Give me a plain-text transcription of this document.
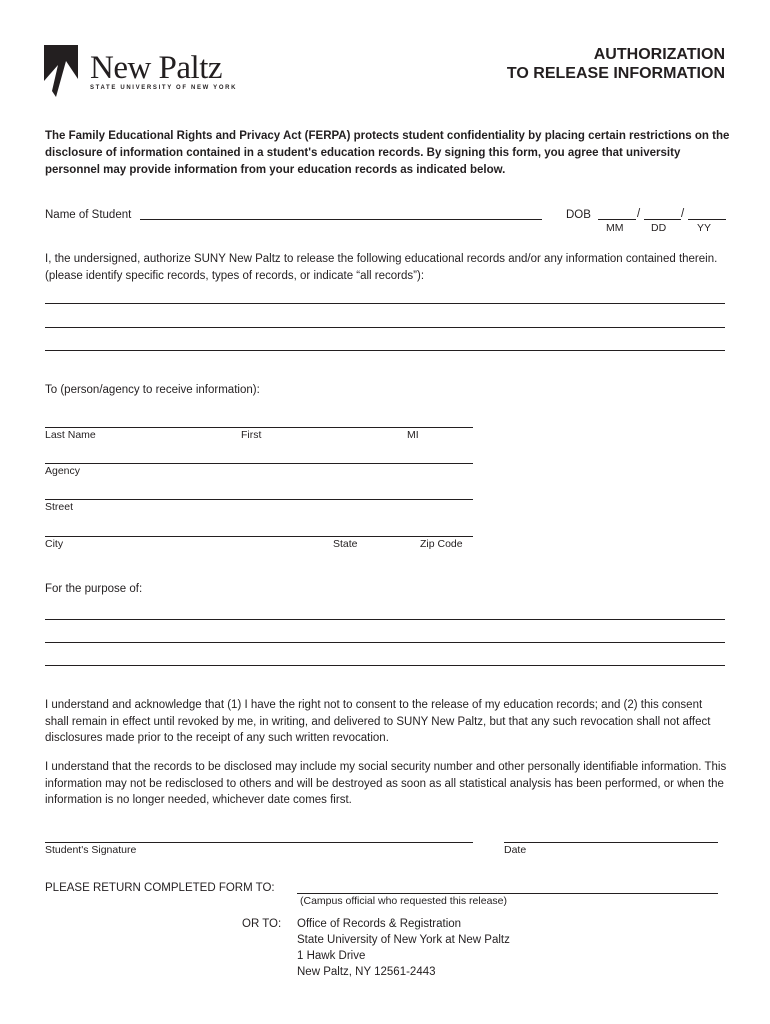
New Paltz
STATE UNIVERSITY OF NEW YORK
AUTHORIZATION
TO RELEASE INFORMATION
The Family Educational Rights and Privacy Act (FERPA) protects student confidentiality by placing certain restrictions on the disclosure of information contained in a student's education records. By signing this form, you agree that university personnel may provide information from your education records as indicated below.
Name of Student	DOB	/	/
MM	DD	YY
I, the undersigned, authorize SUNY New Paltz to release the following educational records and/or any information contained therein. (please identify specific records, types of records, or indicate “all records”):
To (person/agency to receive information):
Last Name	First	MI
Agency
Street
City	State	Zip Code
For the purpose of:
I understand and acknowledge that (1) I have the right not to consent to the release of my education records; and (2) this consent shall remain in effect until revoked by me, in writing, and delivered to SUNY New Paltz, but that any such revocation shall not affect disclosures made prior to the receipt of any such written revocation.
I understand that the records to be disclosed may include my social security number and other personally identifiable information. This information may not be redisclosed to others and will be destroyed as soon as all statistical analysis has been performed, or when the information is no longer needed, whichever date comes first.
Student's Signature	Date
PLEASE RETURN COMPLETED FORM TO:
(Campus official who requested this release)
OR TO: Office of Records & Registration
State University of New York at New Paltz
1 Hawk Drive
New Paltz, NY 12561-2443
